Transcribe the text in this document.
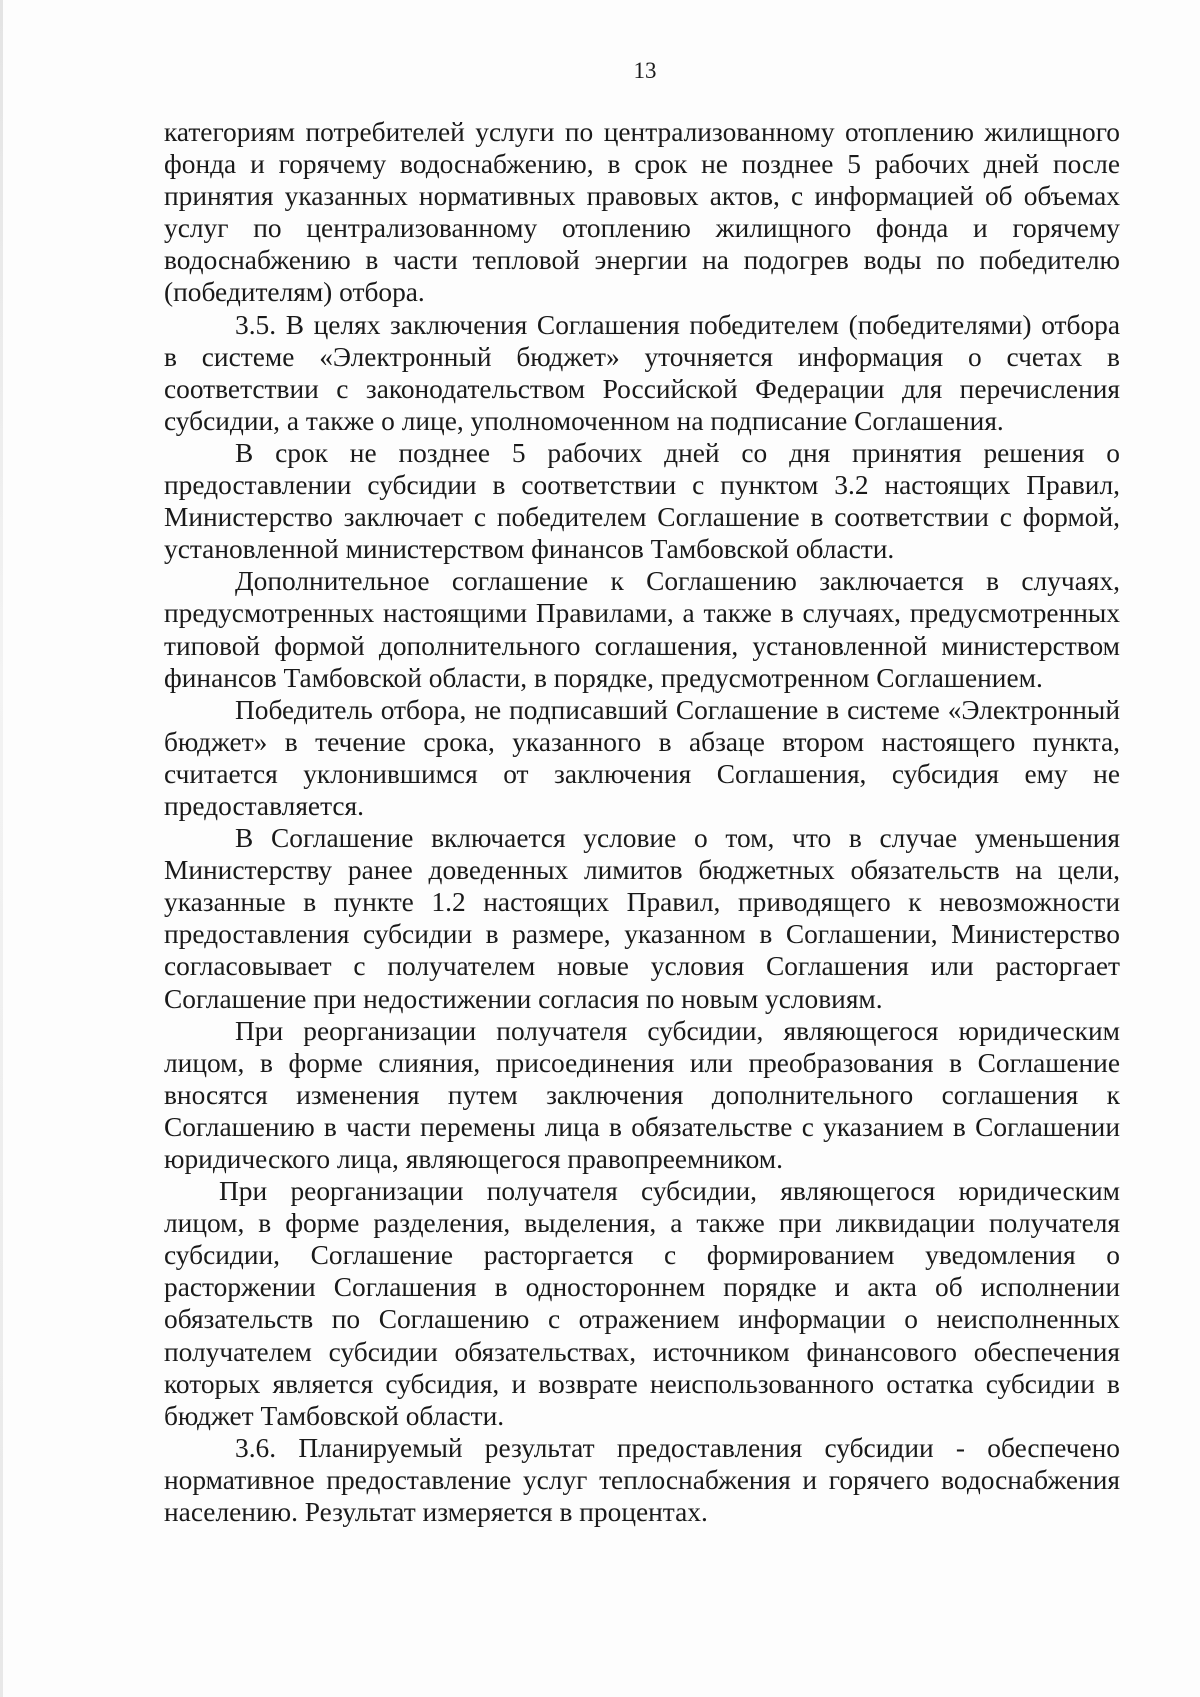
13

категориям потребителей услуги по централизованному отоплению жилищного фонда и горячему водоснабжению, в срок не позднее 5 рабочих дней после принятия указанных нормативных правовых актов, с информацией об объемах услуг по централизованному отоплению жилищного фонда и горячему водоснабжению в части тепловой энергии на подогрев воды по победителю (победителям) отбора.

3.5. В целях заключения Соглашения победителем (победителями) отбора в системе «Электронный бюджет» уточняется информация о счетах в соответствии с законодательством Российской Федерации для перечисления субсидии, а также о лице, уполномоченном на подписание Соглашения.

В срок не позднее 5 рабочих дней со дня принятия решения о предоставлении субсидии в соответствии с пунктом 3.2 настоящих Правил, Министерство заключает с победителем Соглашение в соответствии с формой, установленной министерством финансов Тамбовской области.

Дополнительное соглашение к Соглашению заключается в случаях, предусмотренных настоящими Правилами, а также в случаях, предусмотренных типовой формой дополнительного соглашения, установленной министерством финансов Тамбовской области, в порядке, предусмотренном Соглашением.

Победитель отбора, не подписавший Соглашение в системе «Электронный бюджет» в течение срока, указанного в абзаце втором настоящего пункта, считается уклонившимся от заключения Соглашения, субсидия ему не предоставляется.

В Соглашение включается условие о том, что в случае уменьшения Министерству ранее доведенных лимитов бюджетных обязательств на цели, указанные в пункте 1.2 настоящих Правил, приводящего к невозможности предоставления субсидии в размере, указанном в Соглашении, Министерство согласовывает с получателем новые условия Соглашения или расторгает Соглашение при недостижении согласия по новым условиям.

При реорганизации получателя субсидии, являющегося юридическим лицом, в форме слияния, присоединения или преобразования в Соглашение вносятся изменения путем заключения дополнительного соглашения к Соглашению в части перемены лица в обязательстве с указанием в Соглашении юридического лица, являющегося правопреемником.

При реорганизации получателя субсидии, являющегося юридическим лицом, в форме разделения, выделения, а также при ликвидации получателя субсидии, Соглашение расторгается с формированием уведомления о расторжении Соглашения в одностороннем порядке и акта об исполнении обязательств по Соглашению с отражением информации о неисполненных получателем субсидии обязательствах, источником финансового обеспечения которых является субсидия, и возврате неиспользованного остатка субсидии в бюджет Тамбовской области.

3.6. Планируемый результат предоставления субсидии - обеспечено нормативное предоставление услуг теплоснабжения и горячего водоснабжения населению. Результат измеряется в процентах.
